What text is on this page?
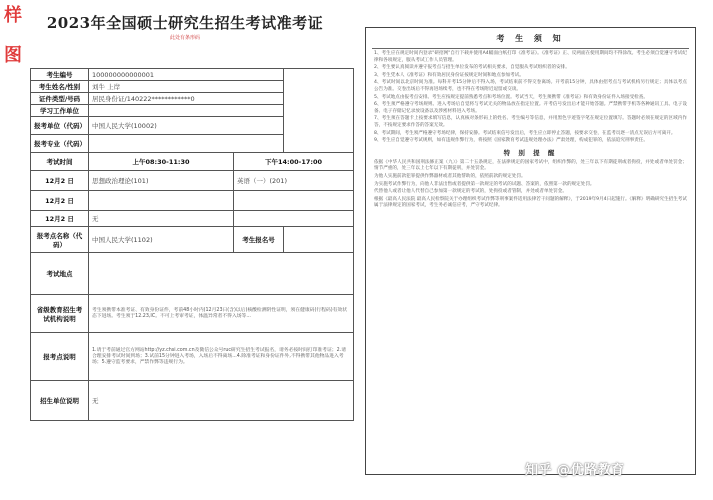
样
图
2023年全国硕士研究生招生考试准考证
此处有条形码
考生编号	100000000000001		
考生姓名/性别	刘牛 上岸		
证件类型/号码	居民身份证/140222************0		
学习工作单位			
报考单位（代码）	中国人民大学(10002)		
报考专业（代码）			
考试时间	上午08:30-11:30	下午14:00-17:00	
12月2 日	思想政治理论(101)	英语（一）(201)	
12月2 日			
12月2 日	无		
报考点名称（代码）	中国人民大学(1102)	考生报名号	
考试地点			
省级教育招生考试机构说明	考生须携带本准考证、有效身份证件，考前48小时内(12月23日(含)以后)核酸检测阴性证明，须在健康码(行程码)有效状态下进场。考生须于12.23,IC。不可上考审考证，体温异常者不得入场等...		
报考点说明	1.请于考前通过官方网站http://yz.chsi.com.cn及微信公众号ruc研究生招生考试报名，请务必按时间打印准考证；2.请合理安排考试时间到场；3.试前15分钟进入考场，入场后不得离场...4.除准考证和身份证件外,不得携带其他物品进入考场；5.遵守监考要求，严禁作弊等违规行为。		
招生单位说明	无		
考 生 须 知

1、考生应在规定时间内登录"研招网"自行下载并使用A4幅面白纸打印《准考证》。《准考证》正、反两面在使用期间均不得涂改。考生必须自觉遵守考试纪律和各项规定，服从考试工作人员管理。

2、考生要认真阅读并遵守报考点与招生单位发布的考试相关要求，自觉服从考试组织者的安排。

3、考生凭本人《准考证》和有效居民身份证按规定时间和地点参加考试。

4、考试时间以北京时间为准。每科开考15分钟后不得入场，考试结束前不得交卷离场。开考前15分钟，具体由招考点与考试机构另行规定；具体以考点公告为准。交卷出场后不得再进场续考，也不得在考场附近逗留或交谈。

5、考试地点由报考点安排。考生应按规定提前熟悉考点和考场位置。考试当天，考生须携带《准考证》和有效身份证件入场接受检查。

6、考生须严格遵守考场规则。进入考场后自觉将与考试无关的物品放在指定位置。开考信号发出后才能开始答题。严禁携带手机等各种通讯工具、电子设备、电子存储记忆录放设备以及涉密材料进入考场。

7、考生须在答题卡上按要求填写信息，认真核对条形码上的姓名、考生编号等信息，并用黑色字迹签字笔在规定位置填写。答题时必须在规定的区域内作答，不按规定要求作答的答案无效。

8、考试期间，考生须严格遵守考场纪律，保持安静。考试结束信号发出后，考生应立即停止答题，按要求交卷，在监考员逐一清点无误后方可离开。

9、考生应自觉遵守考试规则，如有违规作弊行为，将按照《国家教育考试违规处理办法》严肃处理，构成犯罪的，依法追究刑事责任。

特 别 提 醒

依据《中华人民共和国刑法修正案（九）》第二十五条规定，在法律规定的国家考试中，组织作弊的，处三年以下有期徒刑或者拘役，并处或者单处罚金；情节严重的，处三年以上七年以下有期徒刑，并处罚金。

为他人实施前款犯罪提供作弊器材或者其他帮助的，依照前款的规定处罚。

为实施考试作弊行为，向他人非法出售或者提供第一款规定的考试的试题、答案的，依照第一款的规定处罚。

代替他人或者让他人代替自己参加第一款规定的考试的，处拘役或者管制，并处或者单处罚金。

根据《最高人民法院 最高人民检察院关于办理组织考试作弊等刑事案件适用法律若干问题的解释》，于2019年9月4日起施行。《解释》明确研究生招生考试属于法律规定的国家考试，考生务必诚信应考，严守考试纪律。

知乎 @优路教育
